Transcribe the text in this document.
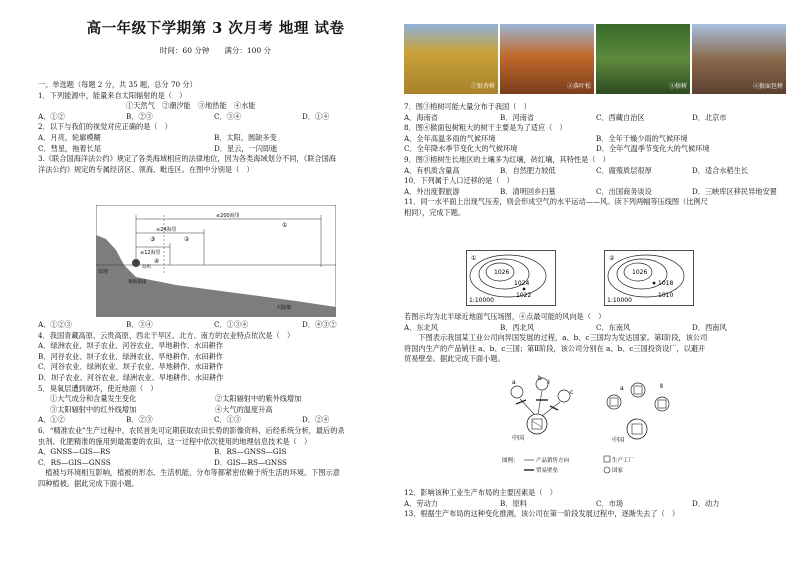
高一年级下学期第 3 次月考 地理 试卷
时间：60 分钟　　满分：100 分
一、单选题（每题 2 分，共 35 题，总分 70 分）
1．下列能源中，能量来自太阳辐射的是（　）
①天然气　②潮汐能　③地热能　④水能
A．①②	B．②③	C．③④	D．①④
2．以下与我们的视觉对应正确的是（　）
A．月亮，轮廓模糊	B．太阳，圆缺多变
C．彗星，拖着长尾	D．星云，一闪即逝
3.《联合国海洋法公约》规定了各类海域相应的法律地位，因为各类海域划分不同，《联合国海
洋法公约》规定的专属经济区、领海、毗连区。在图中分别是（　）
≤200海里
≤24海里
≤12海里
①
②
③
④
陆地
领海基线
岛屿
大陆架
A．①②③	B．③④	C．①③④	D．④③②
4．我国青藏高原、云贵高原、西北干旱区、北方、南方的农业特点依次是（　）
A．绿洲农业、坝子农业、河谷农业、旱地耕作、水田耕作
B．河谷农业、坝子农业、绿洲农业、旱地耕作、水田耕作
C．河谷农业、绿洲农业、坝子农业、旱地耕作、水田耕作
D．坝子农业、河谷农业、绿洲农业、旱地耕作、水田耕作
5．臭氧层遭到破坏，使近地面（　）
①大气成分和含量发生变化	②太阳辐射中的紫外线增加
③太阳辐射中的红外线增加	④大气的温度升高
A．①②	B．②③	C．①③	D．②④
6．“精准农业”生产过程中，农民首先可定期获取农田长势的影像资料，后经系统分析，最后的杀
虫剂、化肥精准的施用到最需要的农田，这一过程中依次使用的地理信息技术是（　）
A．GNSS—GIS—RS	B．RS—GNSS—GIS
C．RS—GIS—GNSS	D．GIS—RS—GNSS
　植被与环境相互影响，植被的形态、生活机能、分布等都紧密依赖于所生活的环境。下图示意
四种植被。据此完成下面小题。
①银杏树	②落叶松	③榕树	④猴面包树
7．图③榕树可能大量分布于我国（　）
A．海南省	B．河南省	C．西藏自治区	D．北京市
8．图④猴面包树粗大的树干主要是为了适应（　）
A．全年高温多雨的气候环境	B．全年干燥少雨的气候环境
C．全年降水季节变化大的气候环境	D．全年气温季节变化大的气候环境
9．图③榕树生长地区的土壤多为红壤，砖红壤，其特性是（　）
A．有机质含量高	B．自然肥力较低	C．腐殖质层很厚	D．适合水稻生长
10．下列属于人口迁移的是（　）
A．外出度假旅游	B．清明回乡扫墓	C．出国商务谈设	D．三峡库区移民异地安置
11．同一水平面上出现气压差，则会形成空气的水平运动——风。读下列两幅等压线图（比例尺
相同），完成下题。
①
1026
1024
1022
1:10000
②
1026
1018
1010
1:10000
若图示均为北半球近地面气压场图，④点最可能的风向是（　）
A．东北风	B．西北风	C．东南风	D．西南风
　　下图表示我国某工业公司向异国发展的过程，a、b、c三国均为发达国家。第Ⅰ阶段，该公司
将国内生产的产品销往 a、b、c三国；第Ⅱ阶段，该公司分别在 a、b、c三国投资设厂，以避开
贸易壁垒。据此完成下面小题。
a
b
c
中国
Ⅰ
a	Ⅱ
中国
图例：	产品销售方向
贸易壁垒
生产工厂
国家
12．影响该种工业生产布局的主要因素是（　）
A．劳动力	B．原料	C．市场	D．动力
13．根据生产布局的这种变化推测，该公司在第一阶段发展过程中，逐渐失去了（　）
